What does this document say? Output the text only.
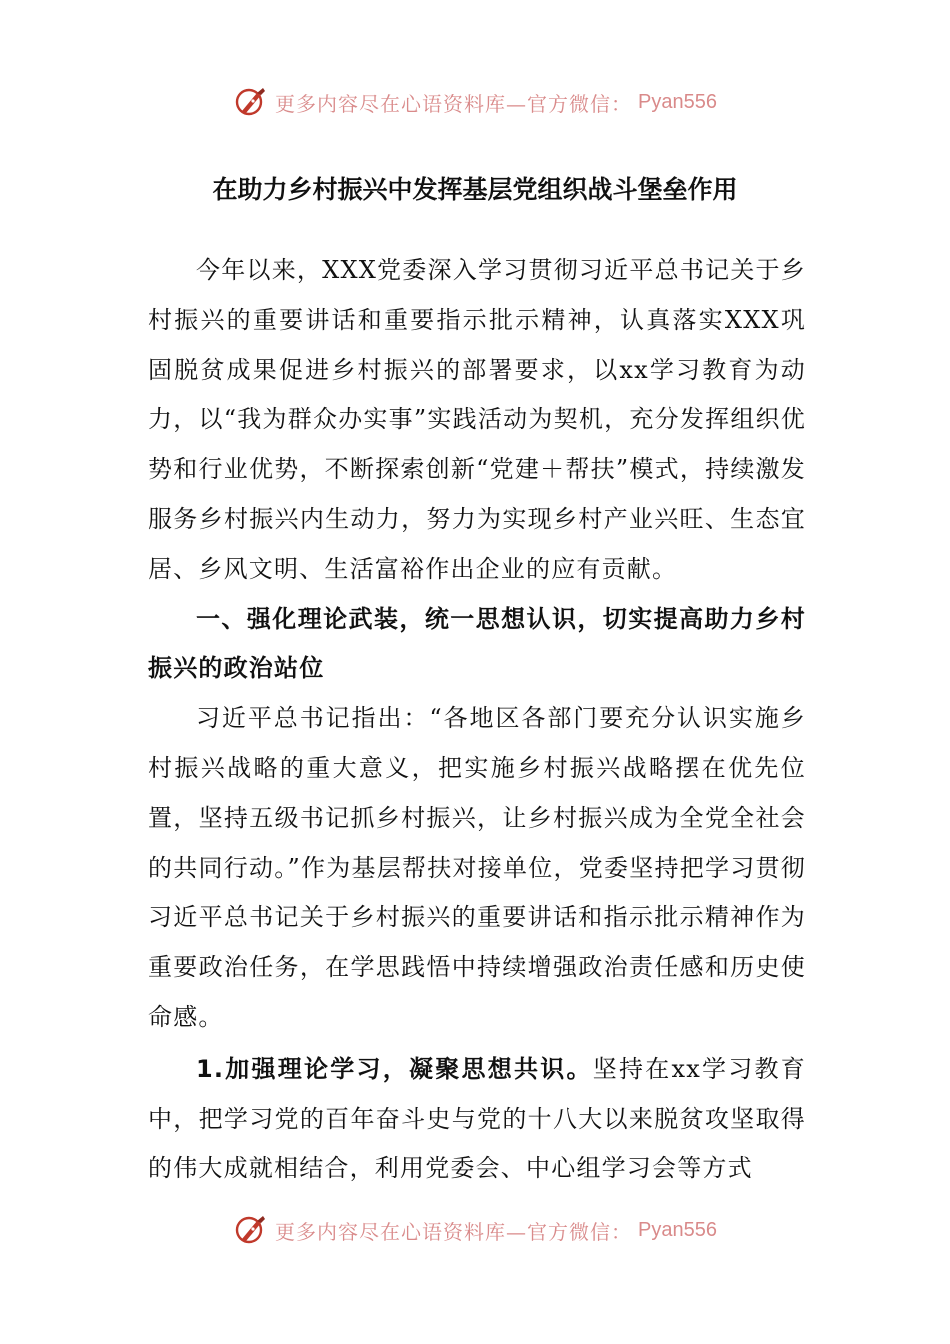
更多内容尽在心语资料库—官方微信： Pyan556
在助力乡村振兴中发挥基层党组织战斗堡垒作用

今年以来，XXX党委深入学习贯彻习近平总书记关于乡村振兴的重要讲话和重要指示批示精神，认真落实XXX巩固脱贫成果促进乡村振兴的部署要求，以xx学习教育为动力，以“我为群众办实事”实践活动为契机，充分发挥组织优势和行业优势，不断探索创新“党建＋帮扶”模式，持续激发服务乡村振兴内生动力，努力为实现乡村产业兴旺、生态宜居、乡风文明、生活富裕作出企业的应有贡献。

一、强化理论武装，统一思想认识，切实提高助力乡村振兴的政治站位

习近平总书记指出：“各地区各部门要充分认识实施乡村振兴战略的重大意义，把实施乡村振兴战略摆在优先位置，坚持五级书记抓乡村振兴，让乡村振兴成为全党全社会的共同行动。”作为基层帮扶对接单位，党委坚持把学习贯彻习近平总书记关于乡村振兴的重要讲话和指示批示精神作为重要政治任务，在学思践悟中持续增强政治责任感和历史使命感。

1.加强理论学习，凝聚思想共识。坚持在xx学习教育中，把学习党的百年奋斗史与党的十八大以来脱贫攻坚取得的伟大成就相结合，利用党委会、中心组学习会等方式

更多内容尽在心语资料库—官方微信： Pyan556
